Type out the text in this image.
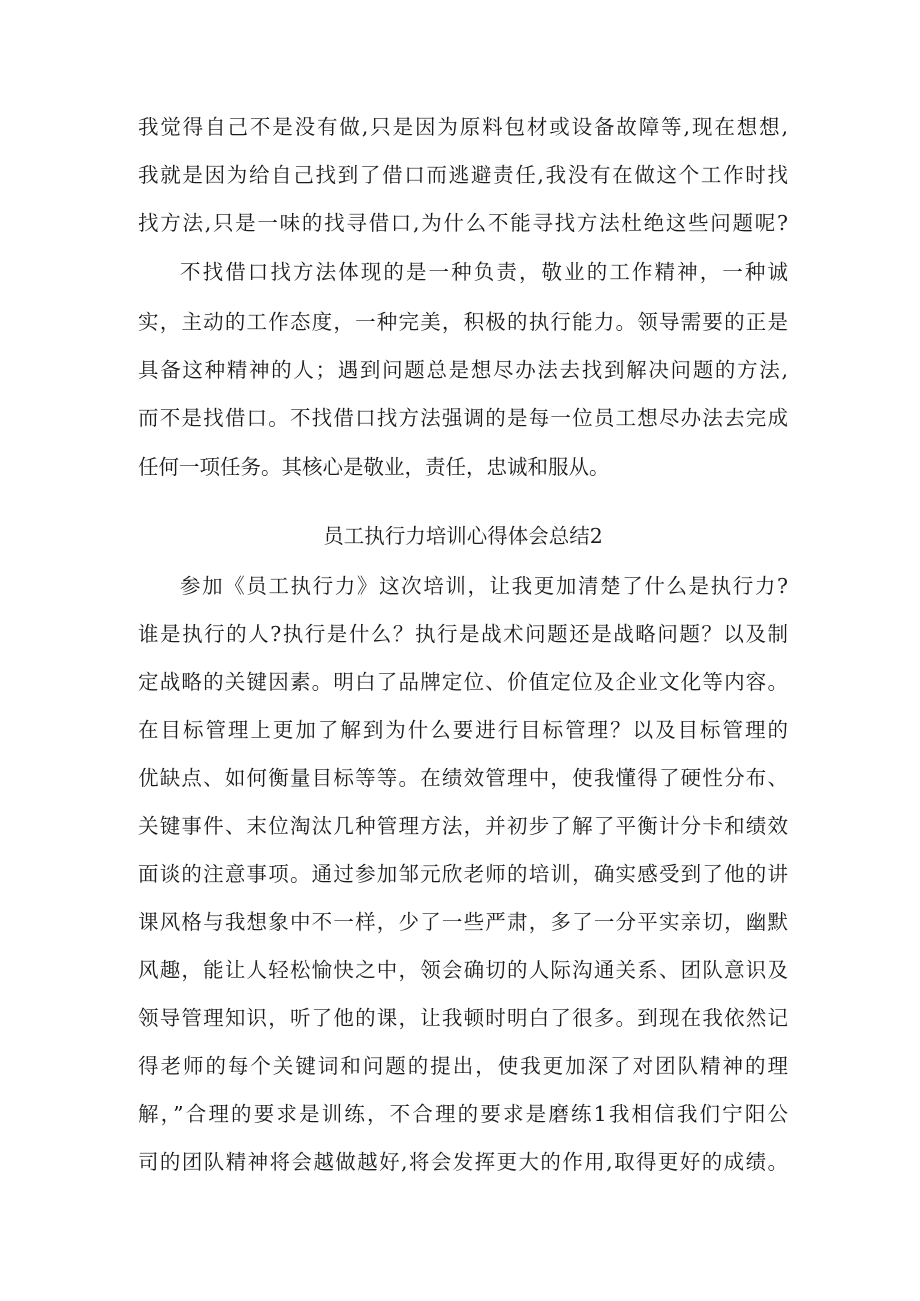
我觉得自己不是没有做,只是因为原料包材或设备故障等,现在想想,
我就是因为给自己找到了借口而逃避责任,我没有在做这个工作时找
找方法,只是一味的找寻借口,为什么不能寻找方法杜绝这些问题呢?
不找借口找方法体现的是一种负责，敬业的工作精神，一种诚
实，主动的工作态度，一种完美，积极的执行能力。领导需要的正是
具备这种精神的人；遇到问题总是想尽办法去找到解决问题的方法,
而不是找借口。不找借口找方法强调的是每一位员工想尽办法去完成
任何一项任务。其核心是敬业，责任，忠诚和服从。
员工执行力培训心得体会总结2
参加《员工执行力》这次培训，让我更加清楚了什么是执行力?
谁是执行的人?执行是什么？执行是战术问题还是战略问题？以及制
定战略的关键因素。明白了品牌定位、价值定位及企业文化等内容。
在目标管理上更加了解到为什么要进行目标管理？以及目标管理的
优缺点、如何衡量目标等等。在绩效管理中，使我懂得了硬性分布、
关键事件、末位淘汰几种管理方法，并初步了解了平衡计分卡和绩效
面谈的注意事项。通过参加邹元欣老师的培训，确实感受到了他的讲
课风格与我想象中不一样，少了一些严肃，多了一分平实亲切，幽默
风趣，能让人轻松愉快之中，领会确切的人际沟通关系、团队意识及
领导管理知识，听了他的课，让我顿时明白了很多。到现在我依然记
得老师的每个关键词和问题的提出，使我更加深了对团队精神的理
解，”合理的要求是训练，不合理的要求是磨练1我相信我们宁阳公
司的团队精神将会越做越好,将会发挥更大的作用,取得更好的成绩。
